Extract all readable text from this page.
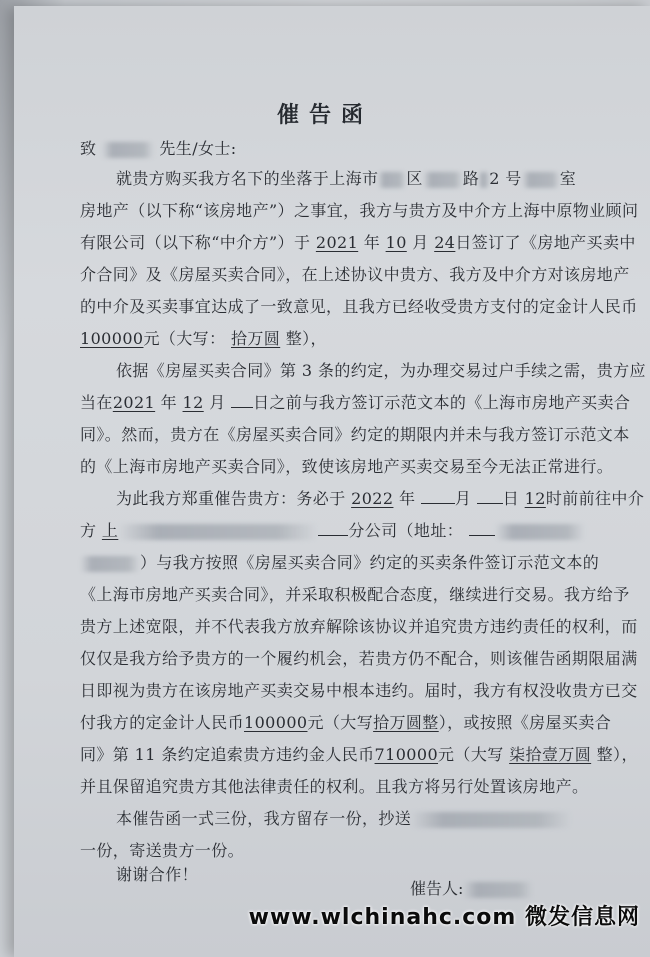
催告函
致	先生/女士:
就贵方购买我方名下的坐落于上海市 区	路 2 号 室
房地产（以下称“该房地产”）之事宜，我方与贵方及中介方上海中原物业顾问
有限公司（以下称“中介方”）于 2021 年 10 月 24日签订了《房地产买卖中
介合同》及《房屋买卖合同》，在上述协议中贵方、我方及中介方对该房地产
的中介及买卖事宜达成了一致意见，且我方已经收受贵方支付的定金计人民币
100000元（大写： 拾万圆 整），
依据《房屋买卖合同》第 3 条的约定，为办理交易过户手续之需，贵方应
当在2021 年 12 月 日之前与我方签订示范文本的《上海市房地产买卖合
同》。然而，贵方在《房屋买卖合同》约定的期限内并未与我方签订示范文本
的《上海市房地产买卖合同》，致使该房地产买卖交易至今无法正常进行。
为此我方郑重催告贵方：务必于 2022 年 月 日 12时前前往中介
方 上	分公司（地址：
）与我方按照《房屋买卖合同》约定的买卖条件签订示范文本的
《上海市房地产买卖合同》，并采取积极配合态度，继续进行交易。我方给予
贵方上述宽限，并不代表我方放弃解除该协议并追究贵方违约责任的权利，而
仅仅是我方给予贵方的一个履约机会，若贵方仍不配合，则该催告函期限届满
日即视为贵方在该房地产买卖交易中根本违约。届时，我方有权没收贵方已交
付我方的定金计人民币100000元（大写拾万圆整），或按照《房屋买卖合
同》第 11 条约定追索贵方违约金人民币710000元（大写 柒拾壹万圆 整），
并且保留追究贵方其他法律责任的权利。且我方将另行处置该房地产。
本催告函一式三份，我方留存一份，抄送
一份，寄送贵方一份。
谢谢合作！
催告人:
www.wlchinahc.com 微发信息网
